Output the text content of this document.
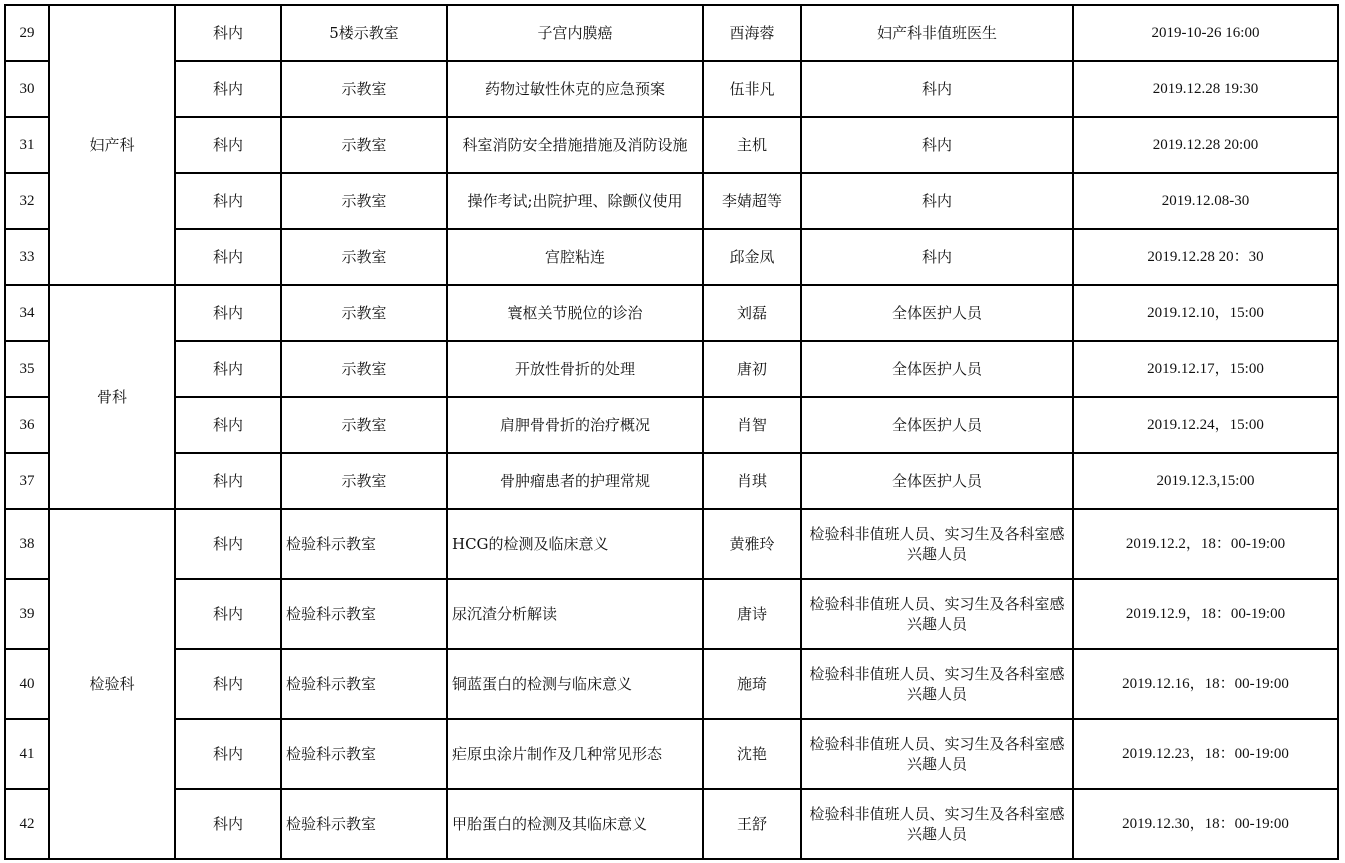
29	妇产科	科内	5楼示教室	子宫内膜癌	酉海蓉	妇产科非值班医生	2019-10-26 16:00
30		科内	示教室	药物过敏性休克的应急预案	伍非凡	科内	2019.12.28 19:30
31		科内	示教室	科室消防安全措施措施及消防设施	主机	科内	2019.12.28 20:00
32		科内	示教室	操作考试;出院护理、除颤仪使用	李婧超等	科内	2019.12.08-30
33		科内	示教室	宫腔粘连	邱金凤	科内	2019.12.28 20：30
34	骨科	科内	示教室	寰枢关节脱位的诊治	刘磊	全体医护人员	2019.12.10，15:00
35		科内	示教室	开放性骨折的处理	唐初	全体医护人员	2019.12.17，15:00
36		科内	示教室	肩胛骨骨折的治疗概况	肖智	全体医护人员	2019.12.24，15:00
37		科内	示教室	骨肿瘤患者的护理常规	肖琪	全体医护人员	2019.12.3,15:00
38	检验科	科内	检验科示教室	HCG的检测及临床意义	黄雅玲	检验科非值班人员、实习生及各科室感兴趣人员	2019.12.2，18：00-19:00
39		科内	检验科示教室	尿沉渣分析解读	唐诗	检验科非值班人员、实习生及各科室感兴趣人员	2019.12.9，18：00-19:00
40		科内	检验科示教室	铜蓝蛋白的检测与临床意义	施琦	检验科非值班人员、实习生及各科室感兴趣人员	2019.12.16，18：00-19:00
41		科内	检验科示教室	疟原虫涂片制作及几种常见形态	沈艳	检验科非值班人员、实习生及各科室感兴趣人员	2019.12.23，18：00-19:00
42		科内	检验科示教室	甲胎蛋白的检测及其临床意义	王舒	检验科非值班人员、实习生及各科室感兴趣人员	2019.12.30，18：00-19:00
